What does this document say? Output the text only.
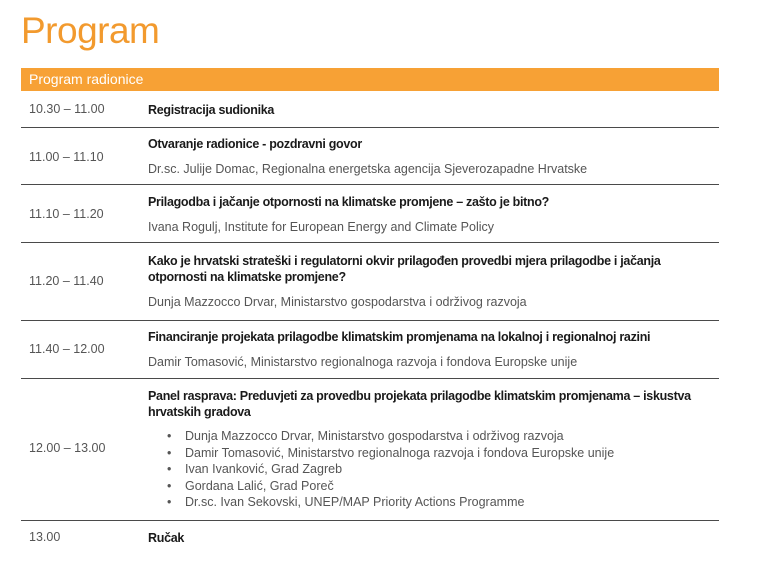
Program
Program radionice
10.30 – 11.00	Registracija sudionika
11.00 – 11.10
Otvaranje radionice - pozdravni govor
Dr.sc. Julije Domac, Regionalna energetska agencija Sjeverozapadne Hrvatske
11.10 – 11.20
Prilagodba i jačanje otpornosti na klimatske promjene – zašto je bitno?
Ivana Rogulj, Institute for European Energy and Climate Policy
11.20 – 11.40
Kako je hrvatski strateški i regulatorni okvir prilagođen provedbi mjera prilagodbe i jačanja otpornosti na klimatske promjene?
Dunja Mazzocco Drvar, Ministarstvo gospodarstva i održivog razvoja
11.40 – 12.00
Financiranje projekata prilagodbe klimatskim promjenama na lokalnoj i regionalnoj razini
Damir Tomasović, Ministarstvo regionalnoga razvoja i fondova Europske unije
12.00 – 13.00
Panel rasprava: Preduvjeti za provedbu projekata prilagodbe klimatskim promjenama – iskustva hrvatskih gradova
• Dunja Mazzocco Drvar, Ministarstvo gospodarstva i održivog razvoja
• Damir Tomasović, Ministarstvo regionalnoga razvoja i fondova Europske unije
• Ivan Ivanković, Grad Zagreb
• Gordana Lalić, Grad Poreč
• Dr.sc. Ivan Sekovski, UNEP/MAP Priority Actions Programme
13.00	Ručak
